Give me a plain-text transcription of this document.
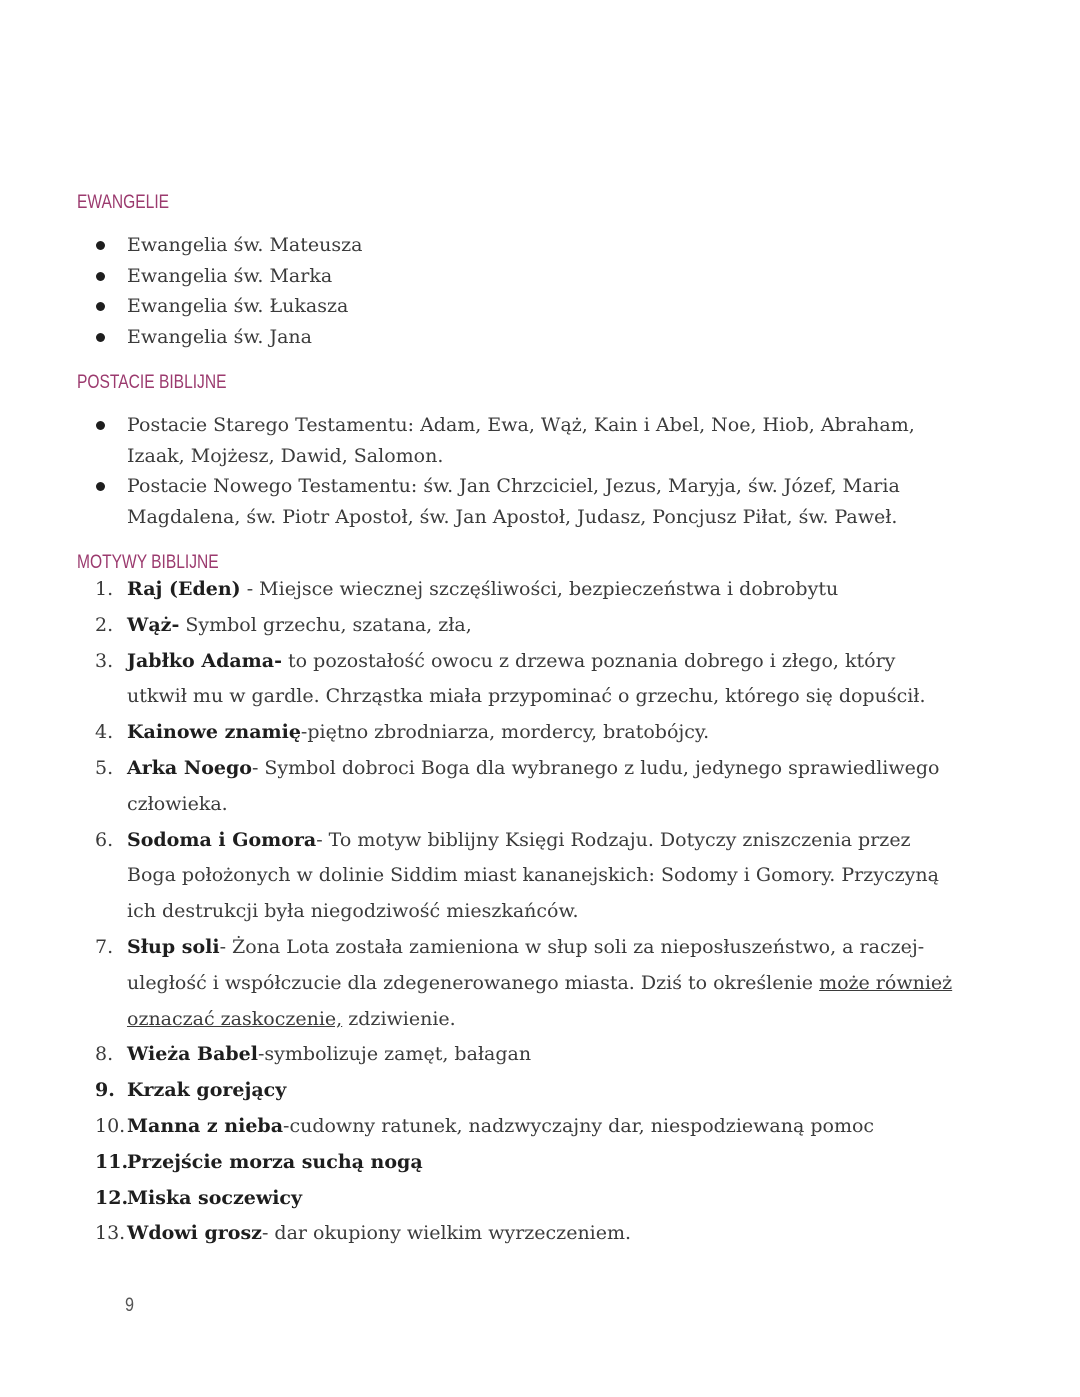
EWANGELIE
Ewangelia św. Mateusza
Ewangelia św. Marka
Ewangelia św. Łukasza
Ewangelia św. Jana
POSTACIE BIBLIJNE
Postacie Starego Testamentu: Adam, Ewa, Wąż, Kain i Abel, Noe, Hiob, Abraham, Izaak, Mojżesz, Dawid, Salomon.
Postacie Nowego Testamentu: św. Jan Chrzciciel, Jezus, Maryja, św. Józef, Maria Magdalena, św. Piotr Apostoł, św. Jan Apostoł, Judasz, Poncjusz Piłat, św. Paweł.
MOTYWY BIBLIJNE
1. Raj (Eden) - Miejsce wiecznej szczęśliwości, bezpieczeństwa i dobrobytu
2. Wąż- Symbol grzechu, szatana, zła,
3. Jabłko Adama- to pozostałość owocu z drzewa poznania dobrego i złego, który utkwił mu w gardle. Chrząstka miała przypominać o grzechu, którego się dopuścił.
4. Kainowe znamię-piętno zbrodniarza, mordercy, bratobójcy.
5. Arka Noego- Symbol dobroci Boga dla wybranego z ludu, jedynego sprawiedliwego człowieka.
6. Sodoma i Gomora- To motyw biblijny Księgi Rodzaju. Dotyczy zniszczenia przez Boga położonych w dolinie Siddim miast kananejskich: Sodomy i Gomory. Przyczyną ich destrukcji była niegodziwość mieszkańców.
7. Słup soli- Żona Lota została zamieniona w słup soli za nieposłuszeństwo, a raczej-uległość i współczucie dla zdegenerowanego miasta. Dziś to określenie może również oznaczać zaskoczenie, zdziwienie.
8. Wieża Babel-symbolizuje zamęt, bałagan
9. Krzak gorejący
10. Manna z nieba-cudowny ratunek, nadzwyczajny dar, niespodziewaną pomoc
11.
Przejście morza suchą nogą
12.
Miska soczewicy
13. Wdowi grosz- dar okupiony wielkim wyrzeczeniem.
9
